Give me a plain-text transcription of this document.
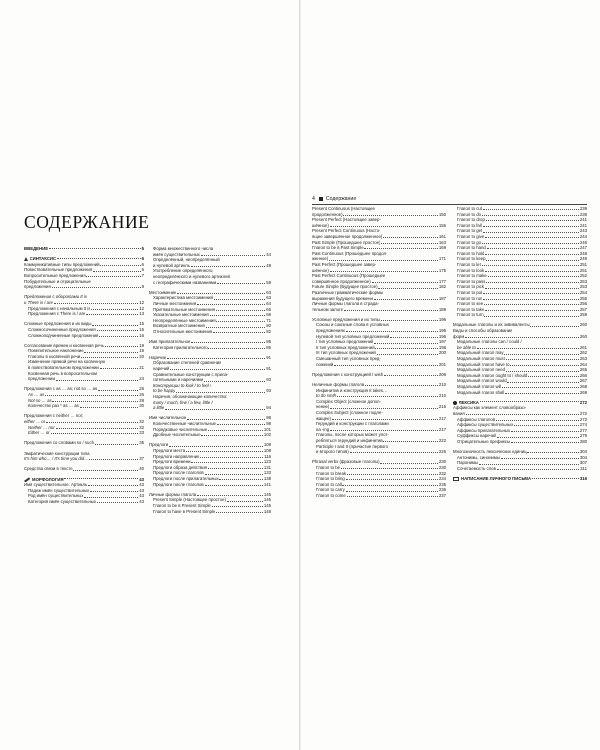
СОДЕРЖАНИЕ
4 Содержание
ВВЕДЕНИЕ	5
СИНТАКСИС	6
Коммуникативные типы предложений	6
Повествовательные предложения	6
Вопросительные предложения	7
Побудительные и отрицательные
предложения	9
Предложения с оборотами It is
и There is / are	12
Предложения с начальным It is	12
Предложения с There is / are	13
Сложные предложения и их виды	15
Сложносочиненные предложения	15
Сложноподчиненные предложения	16
Согласование времен и косвенная речь	19
Повелительное наклонение	19
Глаголы в косвенной речи	20
Изменение прямой речи на косвенную
в повествовательном предложении	21
Косвенная речь в вопросительном
предложении	24
Предложения с as … as; not so … as	26
As … as	26
Not so … as	28
Количество раз * as … as	30
Предложения с neither … nor;
either … or	32
Neither … nor	32
Either … or	33
Предложения со словами so / such	35
Эмфатические конструкции типа
It's him who… / It's time you did…	37
Средства связи в тексте	40
МОРФОЛОГИЯ	43
Имя существительное. Артикль	43
Падеж имён существительных	43
Род имён существительных	43
Категория имён существительных	43
Форма множественного числа
имён существительных	44
Определённый, неопределённый
и нулевой артикль	49
Употребление определённого,
неопределённого и нулевого артиклей
с географическими названиями	59
Местоимение	63
Характеристика местоимений	63
Личные местоимения	64
Притяжательные местоимения	66
Указательные местоимения	69
Неопределённые местоимения	71
Возвратные местоимения	80
Относительные местоимения	82
Имя прилагательное	86
Категория прилагательного	86
Наречие	91
Образование степеней сравнения
наречий	91
Сравнительные конструкции с прила-
гательными и наречиями	93
Конструкции to look / to feel /
to be happy	93
Наречия, обозначающие количество:
many / much, few / a few, little /
a little	94
Имя числительное	98
Количественные числительные	98
Порядковые числительные	101
Дробные числительные	102
Предлоги	108
Предлоги места	108
Предлоги направления	116
Предлоги времени	123
Предлоги образа действия	131
Предлоги после глаголов	133
Предлоги после прилагательных	138
Предлоги после глаголов	141
Личные формы глагола	145
Present Simple (Настоящее простое)	145
Глагол to be в Present Simple	145
Глагол to have в Present Simple	148
Present Continuous (Настоящее
продолженное)	150
Present Perfect (Настоящее завер-
шённое)	156
Present Perfect Continuous (Насто-
ящее завершённое продолженное)	161
Past Simple (Прошедшее простое)	163
Глагол to be в Past Simple	169
Past Continuous (Прошедшее продол-
женное)	171
Past Perfect (Прошедшее завер-
шённое)	175
Past Perfect Continuous (Прошедшее
совершённое продолженное)	177
Future Simple (Будущее простое)	182
Различные грамматические формы
выражения будущего времени	187
Личные формы глагола в страда-
тельном залоге	189
Условные предложения и их типы	196
Союзы и союзные слова в условных
предложениях	196
Нулевой тип условных предложений	196
I тип условных предложений	197
II тип условных предложений	198
III тип условных предложений	200
Смешанный тип условных пред-
ложений	201
Предложения с конструкцией I wish	206
Неличные формы глагола	210
Инфинитив и конструкция It takes…
to do smth	210
Complex Object (сложное допол-
нение)	215
Complex Subject (сложное подле-
жащее)	217
Герундий и конструкции с глаголами
на -ing	217
Глаголы, после которых может упот-
ребляться герундий и инфинитив	222
Participle I and II (причастие первого
и второго типов)	226
Phrasal verbs (фразовые глаголы)	230
Глагол to be	230
Глагол to break	232
Глагол to bring	234
Глагол to call	235
Глагол to carry	236
Глагол to come	237
Глагол to cut	239
Глагол to do	239
Глагол to drop	241
Глагол to fall	241
Глагол to get	243
Глагол to give	244
Глагол to go	246
Глагол to hand	247
Глагол to hold	248
Глагол to keep	249
Глагол to let	251
Глагол to look	251
Глагол to make	252
Глагол to pass	253
Глагол to pick	253
Глагол to put	254
Глагол to run	255
Глагол to see	256
Глагол to take	257
Глагол to turn	259
Модальные глаголы и их эквиваленты	260
Виды и способы образования
форм	260
Модальные глаголы can / could /
be able to	261
Модальный глагол may	262
Модальный глагол must	263
Модальный глагол have to	264
Модальный глагол need	265
Модальный глагол ought to / should	266
Модальный глагол would	267
Модальный глагол will	268
Модальный глагол shall	269
ЛЕКСИКА	272
Аффиксы как элемент словообразо-
вания	272
Аффиксы глаголов	272
Аффиксы существительных	274
Аффиксы прилагательных	277
Суффиксы наречий	279
Отрицательные префиксы	280
Многозначность лексических единиц	304
Антонимы, синонимы	304
Паронимы	307
Сочетаемость слов	311
НАПИСАНИЕ ЛИЧНОГО ПИСЬМА	316
